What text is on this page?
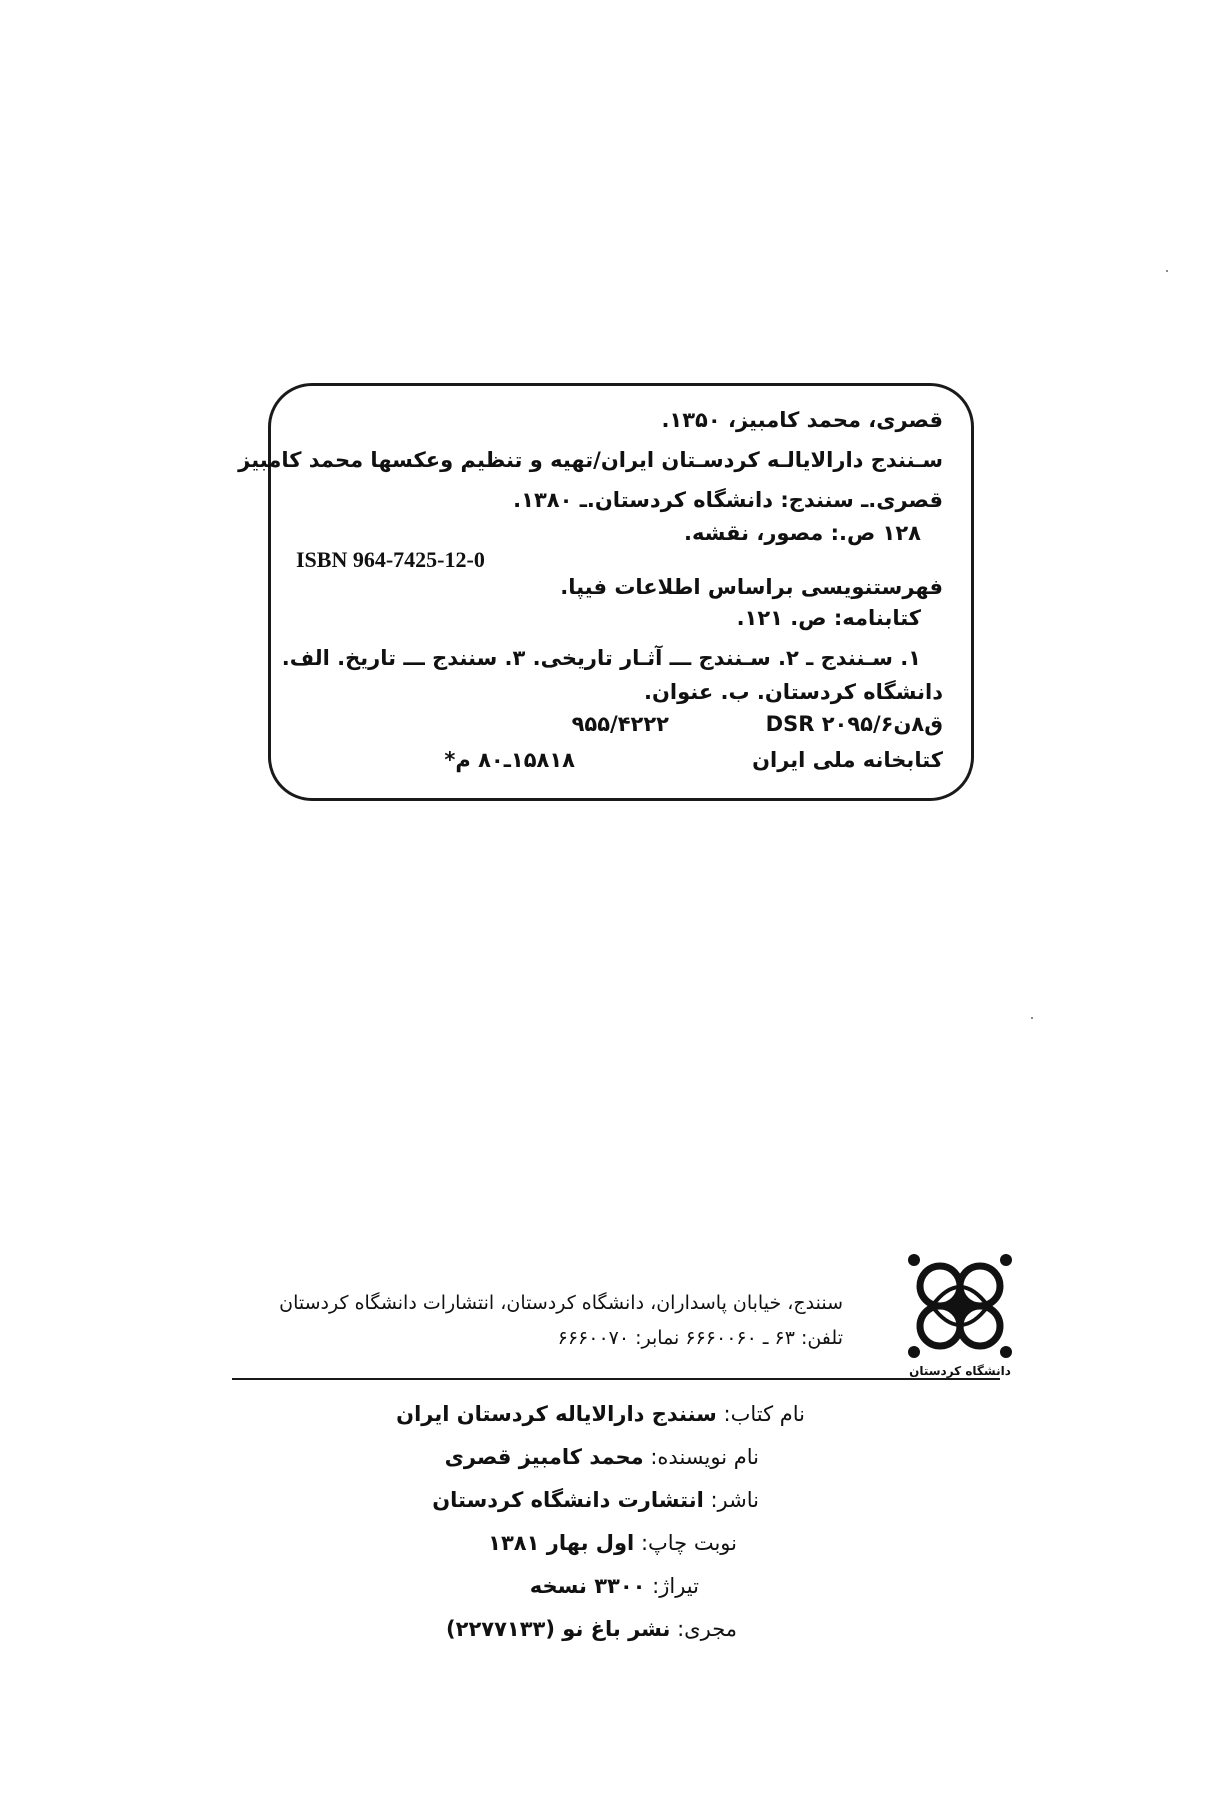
قصری، محمد کامبیز، ۱۳۵۰.
سـنندج دارالایالـه کردسـتان ایران/تهیه و تنظیم وعکسها محمد کامبیز
قصری.ـ سنندج: دانشگاه کردستان.ـ ۱۳۸۰.
۱۲۸ ص.: مصور، نقشه.
ISBN 964-7425-12-0
فهرستنویسی براساس اطلاعات فیپا.
کتابنامه: ص. ۱۲۱.
۱. سـنندج ـ ۲. سـنندج ـــ آثـار تاریخی. ۳. سنندج ـــ تاریخ. الف.
دانشگاه کردستان. ب. عنوان.
DSR ۲۰۹۵/۶ق۸ن
۹۵۵/۴۲۲۲
کتابخانه ملی ایران
۱۵۸۱۸ـ۸۰ م*
دانشگاه کردستان
سنندج، خیابان پاسداران، دانشگاه کردستان، انتشارات دانشگاه کردستان
تلفن: ۶۳ ـ ۶۶۶۰۰۶۰ نمابر: ۶۶۶۰۰۷۰
نام کتاب: سنندج دارالایاله کردستان ایران
نام نویسنده: محمد کامبیز قصری
ناشر: انتشارت دانشگاه کردستان
نوبت چاپ: اول بهار ۱۳۸۱
تیراژ: ۳۳۰۰ نسخه
مجری: نشر باغ نو (۲۲۷۷۱۳۳)
